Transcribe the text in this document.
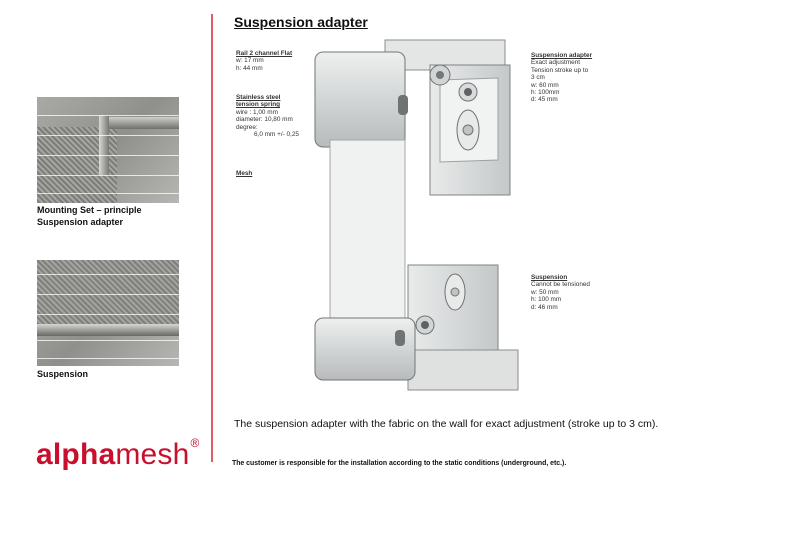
Mounting Set – principle
Suspension adapter
Suspension
Suspension adapter
Rail 2 channel Flat
w: 17 mm
h: 44 mm
Stainless steel
tension spring
wire : 1,00 mm
diameter: 10,80 mm
degree:
6,0 mm +/- 0,25
Mesh
Suspension adapter
Exact adjustment
Tension stroke up to
3 cm
w: 60 mm
h: 100mm
d: 45 mm
Suspension
Cannot be tensioned
w: 50 mm
h: 100 mm
d: 46 mm
The suspension adapter with the fabric on the wall for exact adjustment (stroke up to 3 cm).
The customer is responsible for the installation according to the static conditions (underground, etc.).
alphamesh®
